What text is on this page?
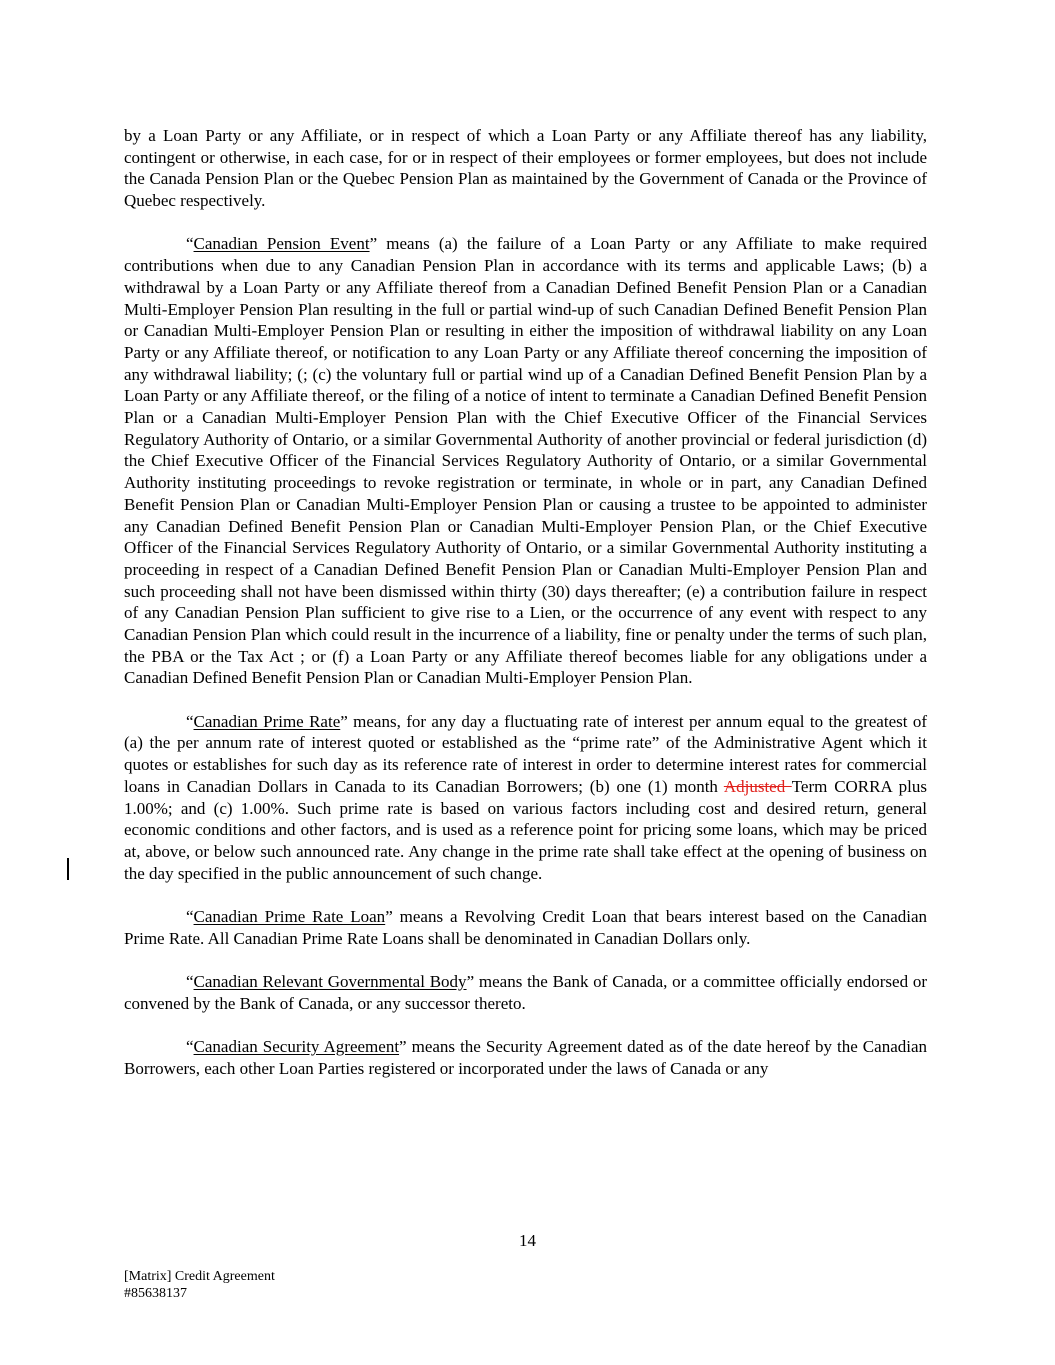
by a Loan Party or any Affiliate, or in respect of which a Loan Party or any Affiliate thereof has any liability, contingent or otherwise, in each case, for or in respect of their employees or former employees, but does not include the Canada Pension Plan or the Quebec Pension Plan as maintained by the Government of Canada or the Province of Quebec respectively.

“Canadian Pension Event” means (a) the failure of a Loan Party or any Affiliate to make required contributions when due to any Canadian Pension Plan in accordance with its terms and applicable Laws; (b) a withdrawal by a Loan Party or any Affiliate thereof from a Canadian Defined Benefit Pension Plan or a Canadian Multi-Employer Pension Plan resulting in the full or partial wind-up of such Canadian Defined Benefit Pension Plan or Canadian Multi-Employer Pension Plan or resulting in either the imposition of withdrawal liability on any Loan Party or any Affiliate thereof, or notification to any Loan Party or any Affiliate thereof concerning the imposition of any withdrawal liability; (; (c) the voluntary full or partial wind up of a Canadian Defined Benefit Pension Plan by a Loan Party or any Affiliate thereof, or the filing of a notice of intent to terminate a Canadian Defined Benefit Pension Plan or a Canadian Multi-Employer Pension Plan with the Chief Executive Officer of the Financial Services Regulatory Authority of Ontario, or a similar Governmental Authority of another provincial or federal jurisdiction (d) the Chief Executive Officer of the Financial Services Regulatory Authority of Ontario, or a similar Governmental Authority instituting proceedings to revoke registration or terminate, in whole or in part, any Canadian Defined Benefit Pension Plan or Canadian Multi-Employer Pension Plan or causing a trustee to be appointed to administer any Canadian Defined Benefit Pension Plan or Canadian Multi-Employer Pension Plan, or the Chief Executive Officer of the Financial Services Regulatory Authority of Ontario, or a similar Governmental Authority instituting a proceeding in respect of a Canadian Defined Benefit Pension Plan or Canadian Multi-Employer Pension Plan and such proceeding shall not have been dismissed within thirty (30) days thereafter; (e) a contribution failure in respect of any Canadian Pension Plan sufficient to give rise to a Lien, or the occurrence of any event with respect to any Canadian Pension Plan which could result in the incurrence of a liability, fine or penalty under the terms of such plan, the PBA or the Tax Act ; or (f) a Loan Party or any Affiliate thereof becomes liable for any obligations under a Canadian Defined Benefit Pension Plan or Canadian Multi-Employer Pension Plan.

“Canadian Prime Rate” means, for any day a fluctuating rate of interest per annum equal to the greatest of (a) the per annum rate of interest quoted or established as the “prime rate” of the Administrative Agent which it quotes or establishes for such day as its reference rate of interest in order to determine interest rates for commercial loans in Canadian Dollars in Canada to its Canadian Borrowers; (b) one (1) month Adjusted Term CORRA plus 1.00%; and (c) 1.00%. Such prime rate is based on various factors including cost and desired return, general economic conditions and other factors, and is used as a reference point for pricing some loans, which may be priced at, above, or below such announced rate. Any change in the prime rate shall take effect at the opening of business on the day specified in the public announcement of such change.

“Canadian Prime Rate Loan” means a Revolving Credit Loan that bears interest based on the Canadian Prime Rate. All Canadian Prime Rate Loans shall be denominated in Canadian Dollars only.

“Canadian Relevant Governmental Body” means the Bank of Canada, or a committee officially endorsed or convened by the Bank of Canada, or any successor thereto.

“Canadian Security Agreement” means the Security Agreement dated as of the date hereof by the Canadian Borrowers, each other Loan Parties registered or incorporated under the laws of Canada or any

14
[Matrix] Credit Agreement
#85638137
